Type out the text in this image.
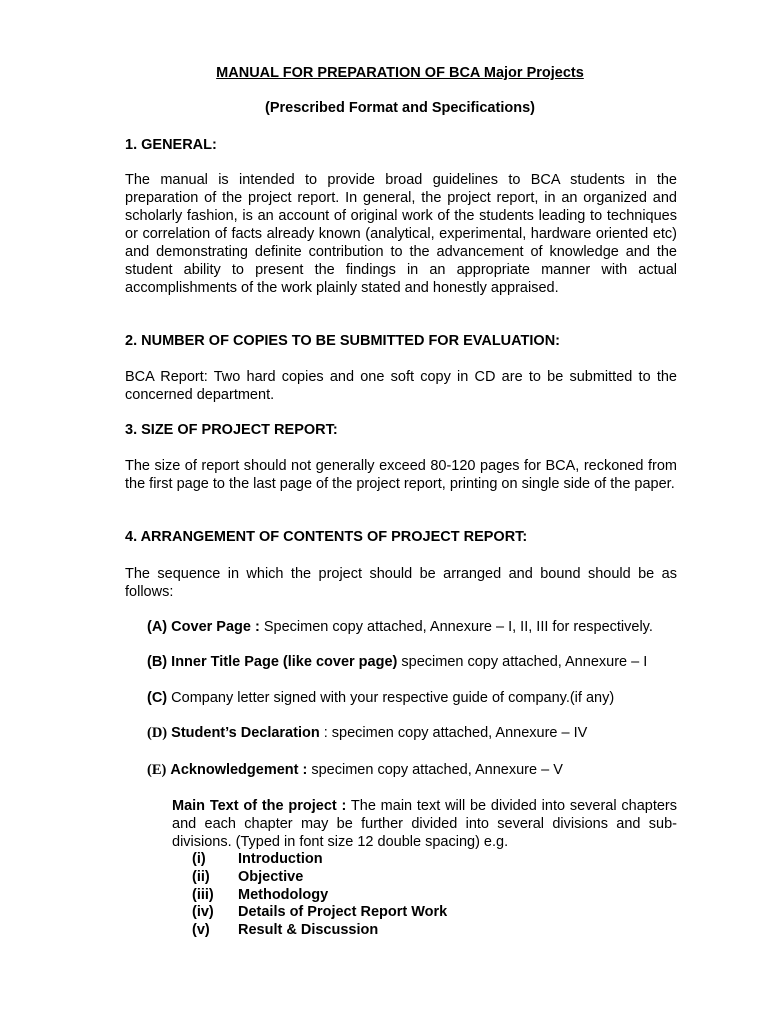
MANUAL FOR PREPARATION OF BCA Major Projects
(Prescribed Format and Specifications)
1. GENERAL:
The manual is intended to provide broad guidelines to BCA students in the preparation of the project report. In general, the project report, in an organized and scholarly fashion, is an account of original work of the students leading to techniques or correlation of facts already known (analytical, experimental, hardware oriented etc) and demonstrating definite contribution to the advancement of knowledge and the student ability to present the findings in an appropriate manner with actual accomplishments of the work plainly stated and honestly appraised.
2. NUMBER OF COPIES TO BE SUBMITTED FOR EVALUATION:
BCA Report: Two hard copies and one soft copy in CD are to be submitted to the concerned department.
3. SIZE OF PROJECT REPORT:
The size of report should not generally exceed 80-120 pages for BCA, reckoned from the first page to the last page of the project report, printing on single side of the paper.
4. ARRANGEMENT OF CONTENTS OF PROJECT REPORT:
The sequence in which the project should be arranged and bound should be as follows:
(A) Cover Page : Specimen copy attached, Annexure – I, II, III for respectively.
(B) Inner Title Page (like cover page) specimen copy attached, Annexure – I
(C) Company letter signed with your respective guide of company.(if any)
(D) Student’s Declaration : specimen copy attached, Annexure – IV
(E) Acknowledgement : specimen copy attached, Annexure – V
Main Text of the project : The main text will be divided into several chapters and each chapter may be further divided into several divisions and sub-divisions. (Typed in font size 12 double spacing) e.g.
(i)	Introduction
(ii)	Objective
(iii)	Methodology
(iv)	Details of Project Report Work
(v)	Result & Discussion
